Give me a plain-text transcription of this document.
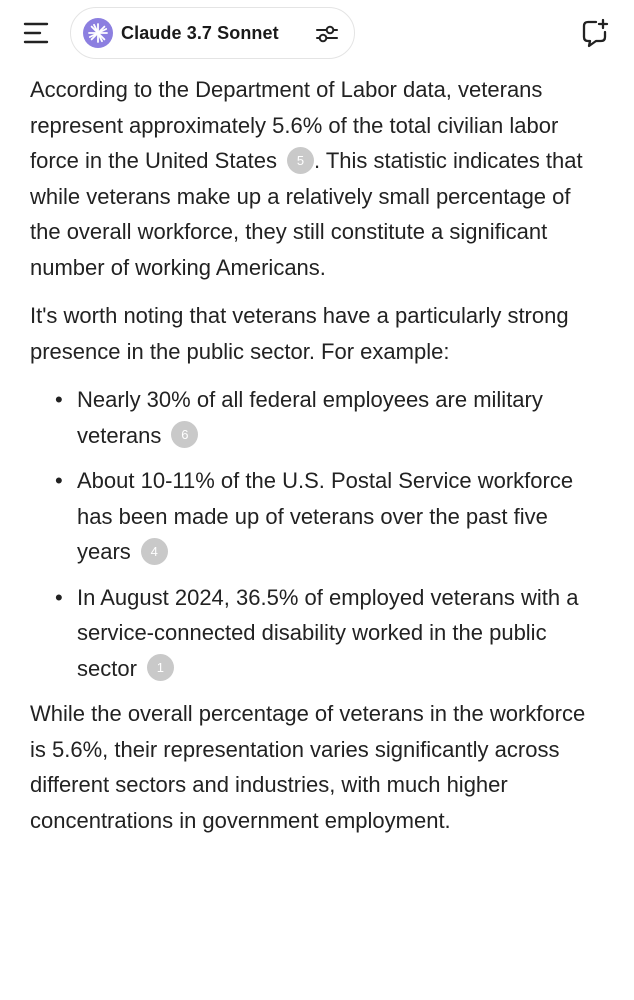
Claude 3.7 Sonnet

According to the Department of Labor data, veterans represent approximately 5.6% of the total civilian labor force in the United States 5 . This statistic indicates that while veterans make up a relatively small percentage of the overall workforce, they still constitute a significant number of working Americans.

It's worth noting that veterans have a particularly strong presence in the public sector. For example:

• Nearly 30% of all federal employees are military veterans 6
• About 10-11% of the U.S. Postal Service workforce has been made up of veterans over the past five years 4
• In August 2024, 36.5% of employed veterans with a service-connected disability worked in the public sector 1

While the overall percentage of veterans in the workforce is 5.6%, their representation varies significantly across different sectors and industries, with much higher concentrations in government employment.
